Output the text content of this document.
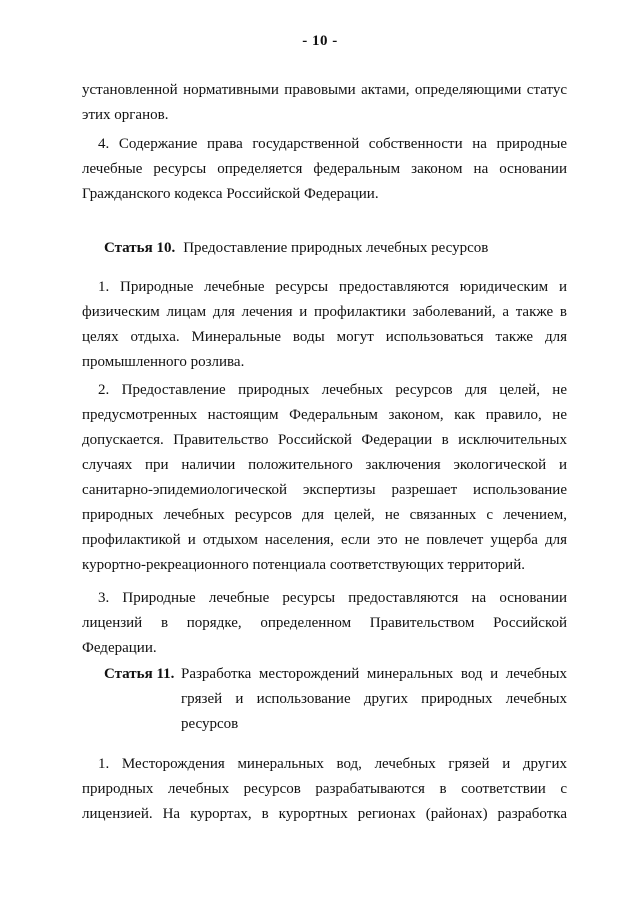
- 10 -
установленной нормативными правовыми актами, определяющими статус этих органов.
4. Содержание права государственной собственности на природные лечебные ресурсы определяется федеральным законом на основании Гражданского кодекса Российской Федерации.
Статья 10. Предоставление природных лечебных ресурсов
1. Природные лечебные ресурсы предоставляются юридическим и физическим лицам для лечения и профилактики заболеваний, а также в целях отдыха. Минеральные воды могут использоваться также для промышленного розлива.
2. Предоставление природных лечебных ресурсов для целей, не предусмотренных настоящим Федеральным законом, как правило, не допускается. Правительство Российской Федерации в исключительных случаях при наличии положительного заключения экологической и санитарно-эпидемиологической экспертизы разрешает использование природных лечебных ресурсов для целей, не связанных с лечением, профилактикой и отдыхом населения, если это не повлечет ущерба для курортно-рекреационного потенциала соответствующих территорий.
3. Природные лечебные ресурсы предоставляются на основании лицензий в порядке, определенном Правительством Российской Федерации.
Статья 11. Разработка месторождений минеральных вод и лечебных грязей и использование других природных лечебных ресурсов
1. Месторождения минеральных вод, лечебных грязей и других природных лечебных ресурсов разрабатываются в соответствии с лицензией. На курортах, в курортных регионах (районах) разработка
